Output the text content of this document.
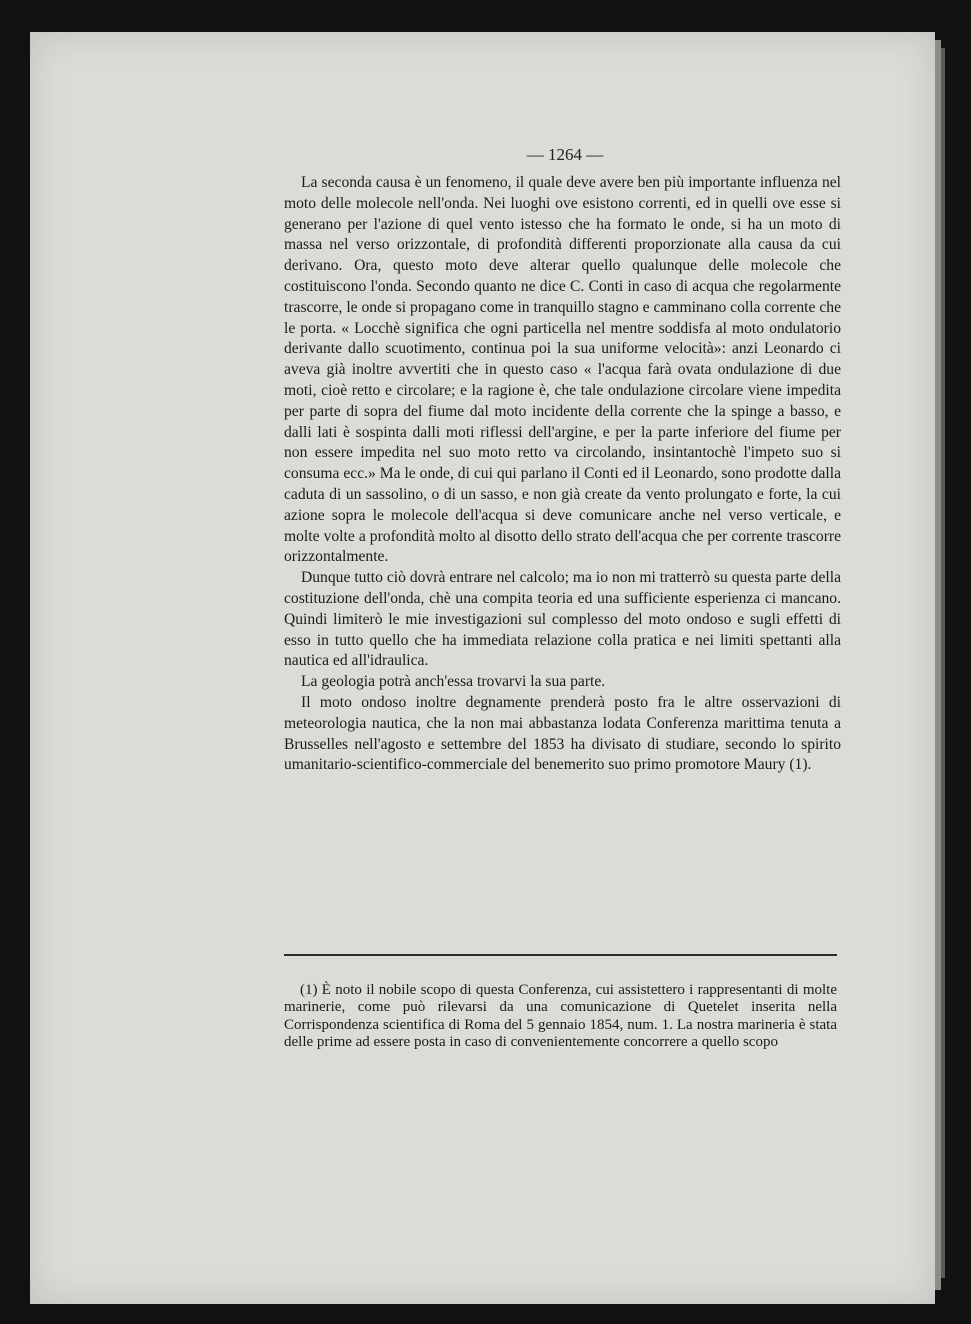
— 1264 —

La seconda causa è un fenomeno, il quale deve avere ben più importante influenza nel moto delle molecole nell'onda. Nei luoghi ove esistono correnti, ed in quelli ove esse si generano per l'azione di quel vento istesso che ha formato le onde, si ha un moto di massa nel verso orizzontale, di profondità differenti proporzionate alla causa da cui derivano. Ora, questo moto deve alterar quello qualunque delle molecole che costituiscono l'onda. Secondo quanto ne dice C. Conti in caso di acqua che regolarmente trascorre, le onde si propagano come in tranquillo stagno e camminano colla corrente che le porta. « Locchè significa che ogni particella nel mentre soddisfa al moto ondulatorio derivante dallo scuotimento, continua poi la sua uniforme velocità»: anzi Leonardo ci aveva già inoltre avvertiti che in questo caso « l'acqua farà ovata ondulazione di due moti, cioè retto e circolare; e la ragione è, che tale ondulazione circolare viene impedita per parte di sopra del fiume dal moto incidente della corrente che la spinge a basso, e dalli lati è sospinta dalli moti riflessi dell'argine, e per la parte inferiore del fiume per non essere impedita nel suo moto retto va circolando, insintantochè l'impeto suo si consuma ecc.» Ma le onde, di cui qui parlano il Conti ed il Leonardo, sono prodotte dalla caduta di un sassolino, o di un sasso, e non già create da vento prolungato e forte, la cui azione sopra le molecole dell'acqua si deve comunicare anche nel verso verticale, e molte volte a profondità molto al disotto dello strato dell'acqua che per corrente trascorre orizzontalmente.

Dunque tutto ciò dovrà entrare nel calcolo; ma io non mi tratterrò su questa parte della costituzione dell'onda, chè una compita teoria ed una sufficiente esperienza ci mancano. Quindi limiterò le mie investigazioni sul complesso del moto ondoso e sugli effetti di esso in tutto quello che ha immediata relazione colla pratica e nei limiti spettanti alla nautica ed all'idraulica.

La geologia potrà anch'essa trovarvi la sua parte.

Il moto ondoso inoltre degnamente prenderà posto fra le altre osservazioni di meteorologia nautica, che la non mai abbastanza lodata Conferenza marittima tenuta a Brusselles nell'agosto e settembre del 1853 ha divisato di studiare, secondo lo spirito umanitario-scientifico-commerciale del benemerito suo primo promotore Maury (1).

(1) È noto il nobile scopo di questa Conferenza, cui assistettero i rappresentanti di molte marinerie, come può rilevarsi da una comunicazione di Quetelet inserita nella Corrispondenza scientifica di Roma del 5 gennaio 1854, num. 1. La nostra marineria è stata delle prime ad essere posta in caso di convenientemente concorrere a quello scopo
